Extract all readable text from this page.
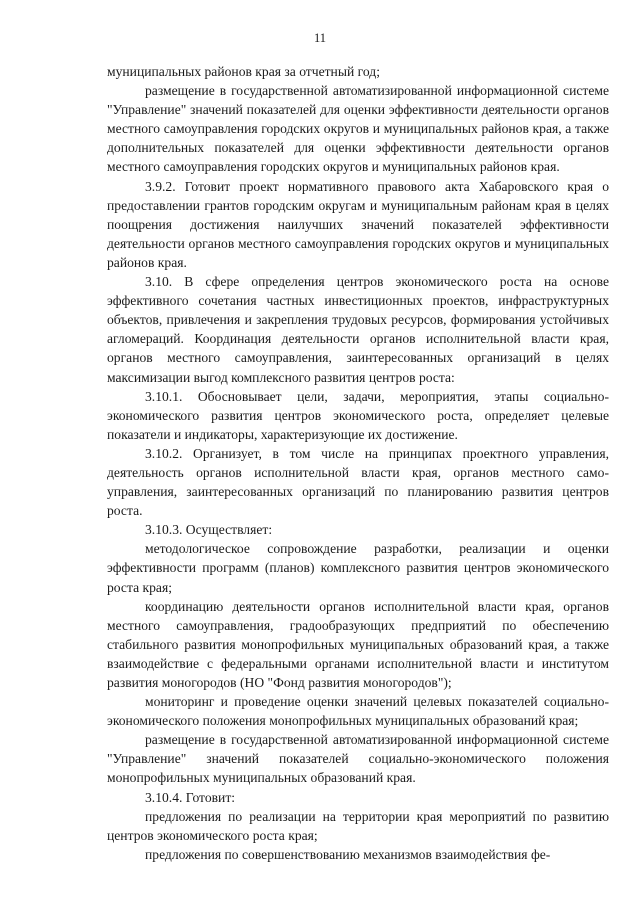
11

муниципальных районов края за отчетный год;

размещение в государственной автоматизированной информационной системе "Управление" значений показателей для оценки эффективности деятельности органов местного самоуправления городских округов и муниципальных районов края, а также дополнительных показателей для оценки эффективности деятельности органов местного самоуправления городских округов и муниципальных районов края.

3.9.2. Готовит проект нормативного правового акта Хабаровского края о предоставлении грантов городским округам и муниципальным районам края в целях поощрения достижения наилучших значений показателей эффективности деятельности органов местного самоуправления городских округов и муниципальных районов края.

3.10. В сфере определения центров экономического роста на основе эффективного сочетания частных инвестиционных проектов, инфраструктурных объектов, привлечения и закрепления трудовых ресурсов, формирования устойчивых агломераций. Координация деятельности органов исполнительной власти края, органов местного самоуправления, заинтересованных организаций в целях максимизации выгод комплексного развития центров роста:

3.10.1. Обосновывает цели, задачи, мероприятия, этапы социально-экономического развития центров экономического роста, определяет целевые показатели и индикаторы, характеризующие их достижение.

3.10.2. Организует, в том числе на принципах проектного управления, деятельность органов исполнительной власти края, органов местного самоуправления, заинтересованных организаций по планированию развития центров роста.

3.10.3. Осуществляет:

методологическое сопровождение разработки, реализации и оценки эффективности программ (планов) комплексного развития центров экономического роста края;

координацию деятельности органов исполнительной власти края, органов местного самоуправления, градообразующих предприятий по обеспечению стабильного развития монопрофильных муниципальных образований края, а также взаимодействие с федеральными органами исполнительной власти и институтом развития моногородов (НО "Фонд развития моногородов");

мониторинг и проведение оценки значений целевых показателей социально-экономического положения монопрофильных муниципальных образований края;

размещение в государственной автоматизированной информационной системе "Управление" значений показателей социально-экономического положения монопрофильных муниципальных образований края.

3.10.4. Готовит:

предложения по реализации на территории края мероприятий по развитию центров экономического роста края;

предложения по совершенствованию механизмов взаимодействия фе-
